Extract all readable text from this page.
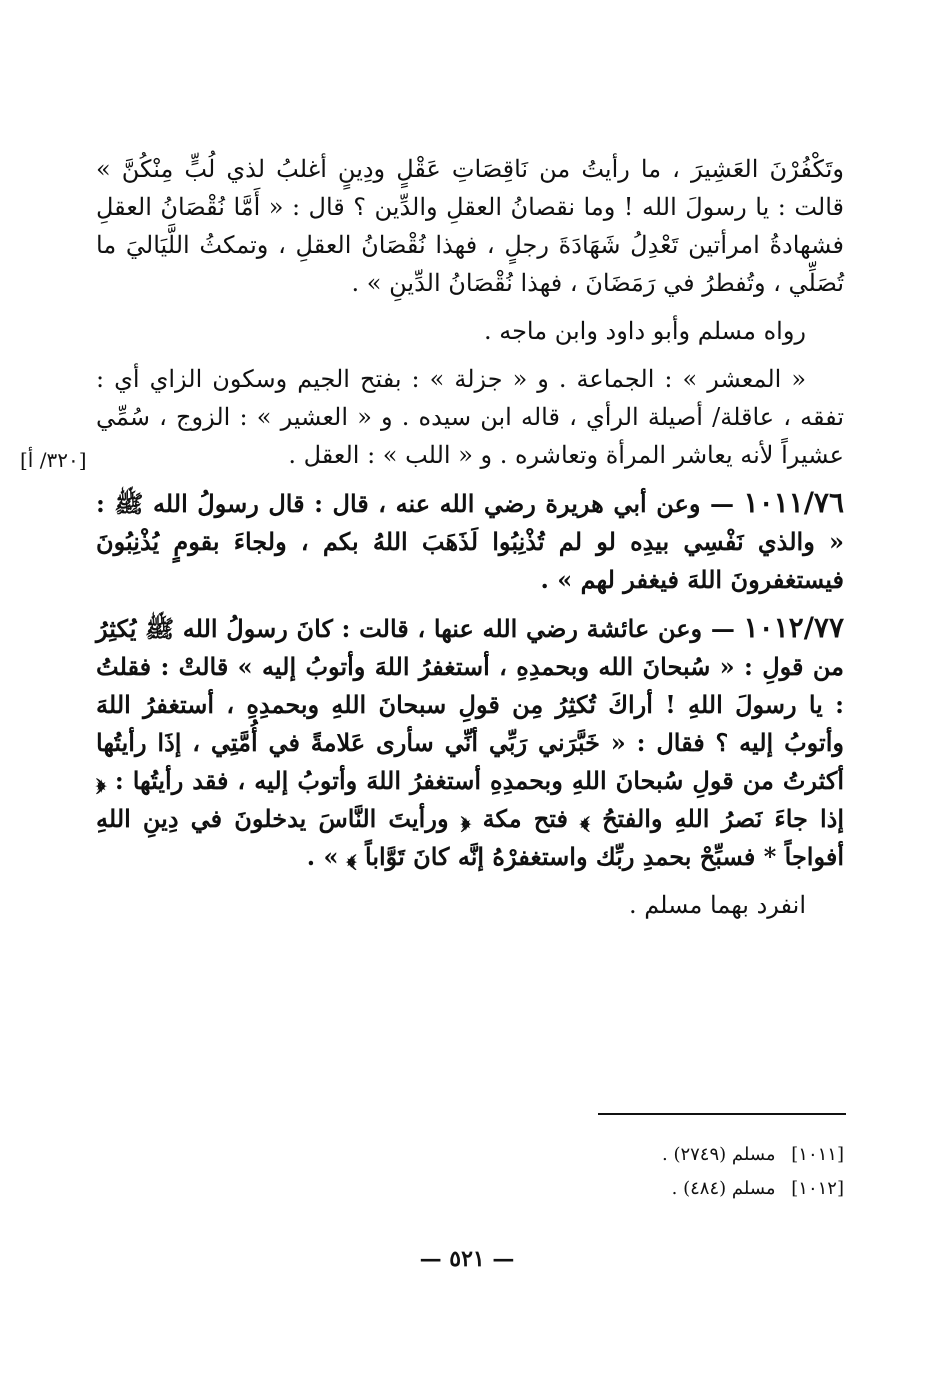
وتَكْفُرْنَ العَشِيرَ ، ما رأيتُ من نَاقِصَاتِ عَقْلٍ ودِينٍ أغلبُ لذي لُبٍّ مِنْكُنَّ » قالت : يا رسولَ الله ! وما نقصانُ العقلِ والدِّين ؟ قال : « أَمَّا نُقْصَانُ العقلِ فشهادةُ امرأتين تَعْدِلُ شَهَادَةَ رجلٍ ، فهذا نُقْصَانُ العقلِ ، وتمكثُ اللَّيَاليَ ما تُصَلِّي ، وتُفطرُ في رَمَضَانَ ، فهذا نُقْصَانُ الدِّينِ » .

رواه مسلم وأبو داود وابن ماجه .

« المعشر » : الجماعة . و « جزلة » : بفتح الجيم وسكون الزاي أي : تفقه ، عاقلة/ أصيلة الرأي ، قاله ابن سيده . و « العشير » : الزوج ، سُمِّي عشيراً لأنه يعاشر المرأة وتعاشره . و « اللب » : العقل .

١٠١١/٧٦ — وعن أبي هريرة رضي الله عنه ، قال : قال رسولُ الله ﷺ : « والذي نَفْسِي بيدِه لو لم تُذْنِبُوا لَذَهَبَ اللهُ بكم ، ولجاءَ بقومٍ يُذْنِبُونَ فيستغفرونَ اللهَ فيغفر لهم » .

١٠١٢/٧٧ — وعن عائشة رضي الله عنها ، قالت : كانَ رسولُ الله ﷺ يُكثِرُ من قولِ : « سُبحانَ الله وبحمدِهِ ، أستغفرُ اللهَ وأتوبُ إليه » قالتْ : فقلتُ : يا رسولَ اللهِ ! أراكَ تُكثِرُ مِن قولِ سبحانَ اللهِ وبحمدِهِ ، أستغفرُ اللهَ وأتوبُ إليه ؟ فقال : « خَبَّرَني رَبِّي أنِّي سأرى عَلامةً في أُمَّتِي ، إذَا رأيتُها أكثرتُ من قولِ سُبحانَ اللهِ وبحمدِهِ أستغفرُ اللهَ وأتوبُ إليه ، فقد رأيتُها : ﴿ إذا جاءَ نَصرُ اللهِ والفتحُ ﴾ فتح مكة ﴿ ورأيتَ النَّاسَ يدخلونَ في دِينِ اللهِ أفواجاً * فسبِّحْ بحمدِ ربِّك واستغفرْهُ إنَّه كانَ تَوَّاباً ﴾ » .

انفرد بهما مسلم .

[٣٢٠/ أ]
[١٠١١] مسلم (٢٧٤٩) .
[١٠١٢] مسلم (٤٨٤) .
— ٥٢١ —
